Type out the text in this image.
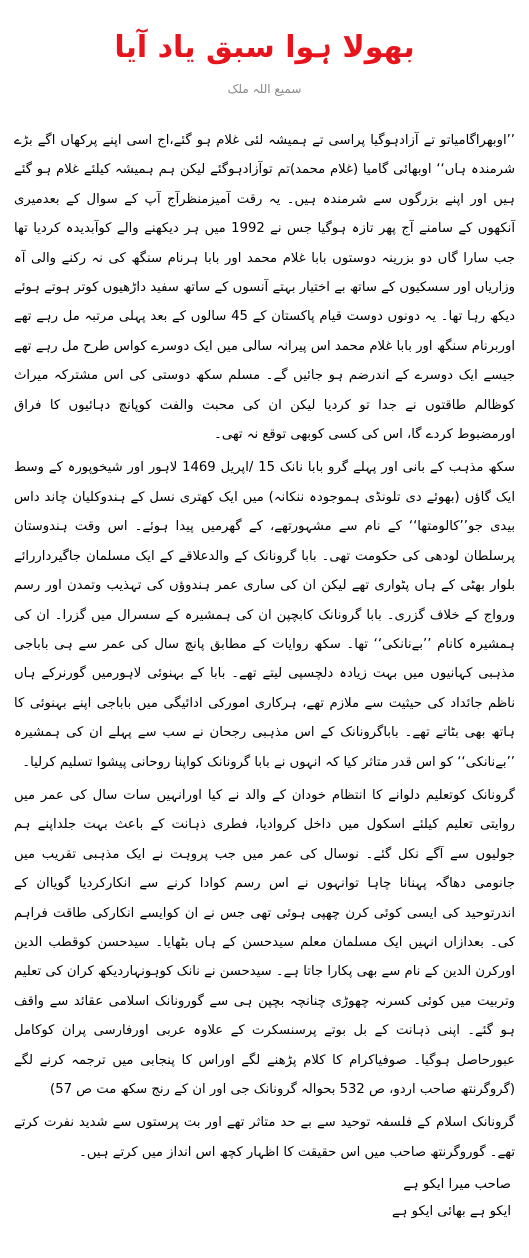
بھولا ہوا سبق یاد آیا
سمیع اللہ ملک

’’اوبھراگامیاتو تے آزادہوگیا پراسی تے ہمیشہ لئی غلام ہو گئے،اج اسی اپنے پرکھاں اگے بڑے شرمندہ ہاں‘‘ اوبھائی گامیا (غلام محمد)تم توآزادہوگئے لیکن ہم ہمیشہ کیلئے غلام ہو گئے ہیں اور اپنے بزرگوں سے شرمندہ ہیں۔ یہ رقت آمیزمنظرآج آپ کے سوال کے بعدمیری آنکھوں کے سامنے آج پھر تازہ ہوگیا جس نے 1992 میں ہر دیکھنے والے کوآبدیدہ کردیا تھا جب سارا گاں دو بزرینہ دوستوں بابا غلام محمد اور بابا ہرنام سنگھ کی نہ رکنے والی آہ وزاریاں اور سسکیوں کے ساتھ بے اختیار بہتے آنسوں کے ساتھ سفید داڑھیوں کوتر ہوتے ہوئے دیکھ رہا تھا۔ یہ دونوں دوست قیام پاکستان کے 45 سالوں کے بعد پہلی مرتبہ مل رہے تھے اوربرنام سنگھ اور بابا غلام محمد اس پیرانہ سالی میں ایک دوسرے کواس طرح مل رہے تھے جیسے ایک دوسرے کے اندرضم ہو جائیں گے۔ مسلم سکھ دوستی کی اس مشترکہ میراث کوظالم طاقتوں نے جدا تو کردیا لیکن ان کی محبت والفت کوپانچ دہائیوں کا فراق اورمضبوط کردے گا، اس کی کسی کوبھی توقع نہ تھی۔

سکھ مذہب کے بانی اور پہلے گرو بابا نانک 15 /اپریل 1469 لاہور اور شیخوپورہ کے وسط ایک گاؤں (بھوئے دی تلونڈی ہموجودہ ننکانہ) میں ایک کھتری نسل کے ہندوکلیان چاند داس بیدی جو’’کالومتھا‘‘ کے نام سے مشہورتھے، کے گھرمیں پیدا ہوئے۔ اس وقت ہندوستان پرسلطان لودھی کی حکومت تھی۔ بابا گرونانک کے والدعلاقے کے ایک مسلمان جاگیرداررائے بلوار بھٹی کے ہاں پٹواری تھے لیکن ان کی ساری عمر ہندوؤں کی تہذیب وتمدن اور رسم ورواج کے خلاف گزری۔ بابا گرونانک کابچپن ان کی ہمشیرہ کے سسرال میں گزرا۔ ان کی ہمشیرہ کانام ’’بےنانکی‘‘ تھا۔ سکھ روایات کے مطابق پانچ سال کی عمر سے ہی باباجی مذہبی کہانیوں میں بہت زیادہ دلچسپی لیتے تھے۔ بابا کے بہنوئی لاہورمیں گورنرکے ہاں ناظم جائداد کی حیثیت سے ملازم تھے، ہرکاری امورکی ادائیگی میں باباجی اپنے بہنوئی کا ہاتھ بھی بٹاتے تھے۔ باباگرونانک کے اس مذہبی رجحان نے سب سے پہلے ان کی ہمشیرہ ’’بےنانکی‘‘ کو اس قدر متاثر کیا کہ انہوں نے بابا گرونانک کواپنا روحانی پیشوا تسلیم کرلیا۔

گرونانک کوتعلیم دلوانے کا انتظام خودان کے والد نے کیا اورانہیں سات سال کی عمر میں روایتی تعلیم کیلئے اسکول میں داخل کروادیا، فطری ذہانت کے باعث بہت جلداپنے ہم جولیوں سے آگے نکل گئے۔ نوسال کی عمر میں جب پروہت نے ایک مذہبی تقریب میں جانومی دھاگہ پہنانا چاہا توانہوں نے اس رسم کوادا کرنے سے انکارکردیا گویاان کے اندرتوحید کی ایسی کوئی کرن چھپی ہوئی تھی جس نے ان کوایسے انکارکی طاقت فراہم کی۔ بعدازاں انہیں ایک مسلمان معلم سیدحسن کے ہاں بٹھایا۔ سیدحسن کوقطب الدین اورکرن الدین کے نام سے بھی پکارا جاتا ہے۔ سیدحسن نے نانک کوہونہاردیکھ کران کی تعلیم وتربیت میں کوئی کسرنہ چھوڑی چنانچہ بچپن ہی سے گورونانک اسلامی عقائد سے واقف ہو گئے۔ اپنی ذہانت کے بل بوتے پرسنسکرت کے علاوہ عربی اورفارسی پران کوکامل عبورحاصل ہوگیا۔ صوفیاکرام کا کلام پڑھنے لگے اوراس کا پنجابی میں ترجمہ کرنے لگے (گروگرنتھ صاحب اردو، ص 532 بحوالہ گرونانک جی اور ان کے رنج سکھ مت ص 57)

گرونانک اسلام کے فلسفہ توحید سے بے حد متاثر تھے اور بت پرستوں سے شدید نفرت کرتے تھے۔ گوروگرنتھ صاحب میں اس حقیقت کا اظہار کچھ اس انداز میں کرتے ہیں۔

صاحب میرا ایکو ہے

ایکو ہے بھائی ایکو ہے
